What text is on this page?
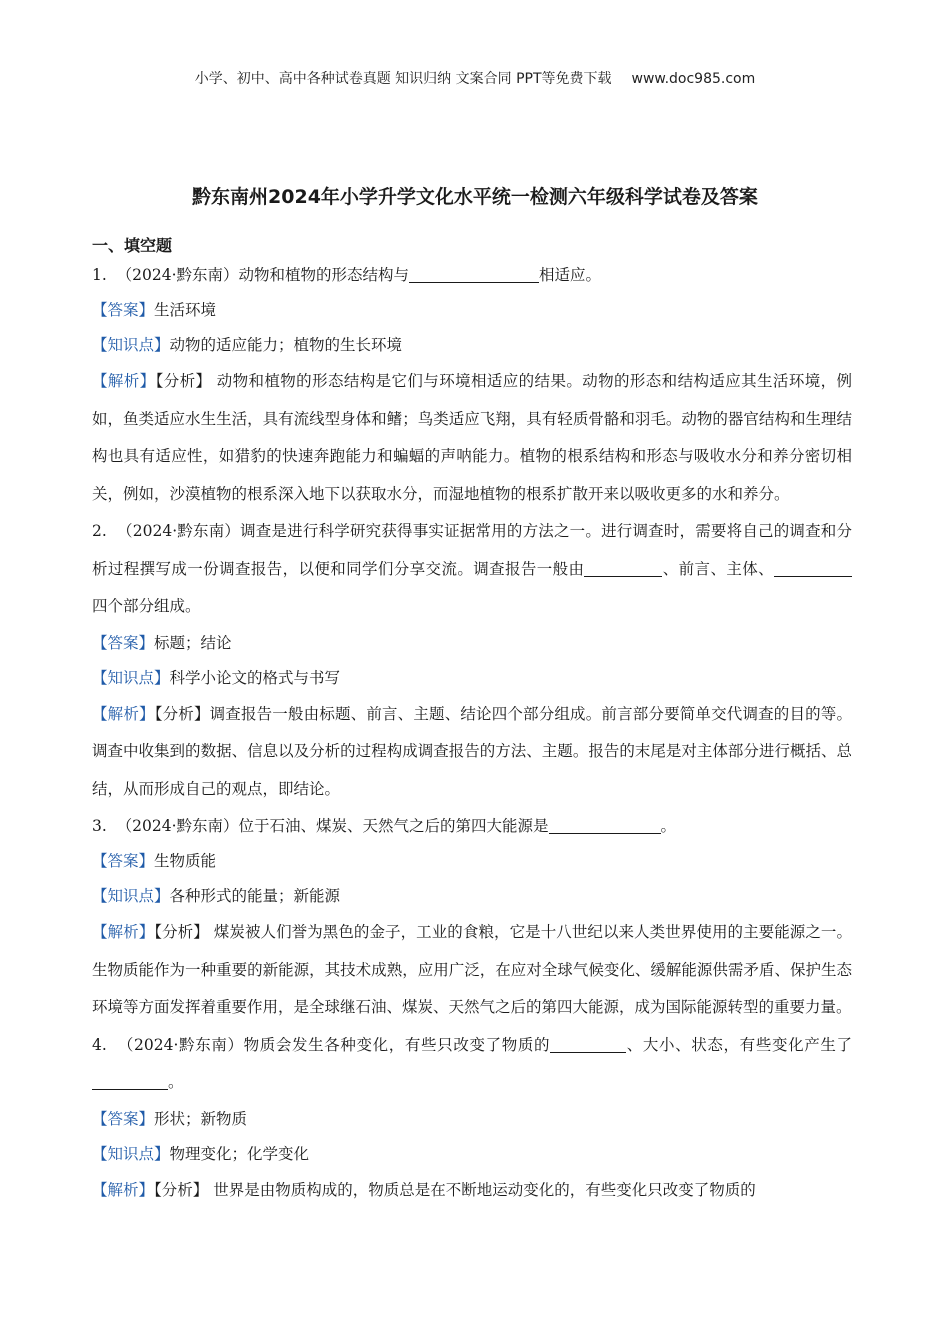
小学、初中、高中各种试卷真题 知识归纳 文案合同 PPT等免费下载 www.doc985.com
黔东南州2024年小学升学文化水平统一检测六年级科学试卷及答案
一、填空题

1. （2024·黔东南）动物和植物的形态结构与	相适应。

【答案】生活环境

【知识点】动物的适应能力；植物的生长环境

【解析】【分析】 动物和植物的形态结构是它们与环境相适应的结果。动物的形态和结构适应其生活环境，例如，鱼类适应水生生活，具有流线型身体和鳍；鸟类适应飞翔，具有轻质骨骼和羽毛。动物的器官结构和生理结构也具有适应性，如猎豹的快速奔跑能力和蝙蝠的声呐能力。植物的根系结构和形态与吸收水分和养分密切相关，例如，沙漠植物的根系深入地下以获取水分，而湿地植物的根系扩散开来以吸收更多的水和养分。

2. （2024·黔东南）调查是进行科学研究获得事实证据常用的方法之一。进行调查时，需要将自己的调查和分析过程撰写成一份调查报告，以便和同学们分享交流。调查报告一般由	、前言、主体、四个部分组成。

【答案】标题；结论

【知识点】科学小论文的格式与书写

【解析】【分析】调查报告一般由标题、前言、主题、结论四个部分组成。前言部分要简单交代调查的目的等。调查中收集到的数据、信息以及分析的过程构成调查报告的方法、主题。报告的末尾是对主体部分进行概括、总结，从而形成自己的观点，即结论。

3. （2024·黔东南）位于石油、煤炭、天然气之后的第四大能源是	。

【答案】生物质能

【知识点】各种形式的能量；新能源

【解析】【分析】 煤炭被人们誉为黑色的金子，工业的食粮，它是十八世纪以来人类世界使用的主要能源之一。生物质能作为一种重要的新能源，其技术成熟，应用广泛，在应对全球气候变化、缓解能源供需矛盾、保护生态环境等方面发挥着重要作用，是全球继石油、煤炭、天然气之后的第四大能源，成为国际能源转型的重要力量。

4. （2024·黔东南）物质会发生各种变化，有些只改变了物质的	、大小、状态，有些变化产生了。

【答案】形状；新物质

【知识点】物理变化；化学变化

【解析】【分析】 世界是由物质构成的，物质总是在不断地运动变化的，有些变化只改变了物质的
